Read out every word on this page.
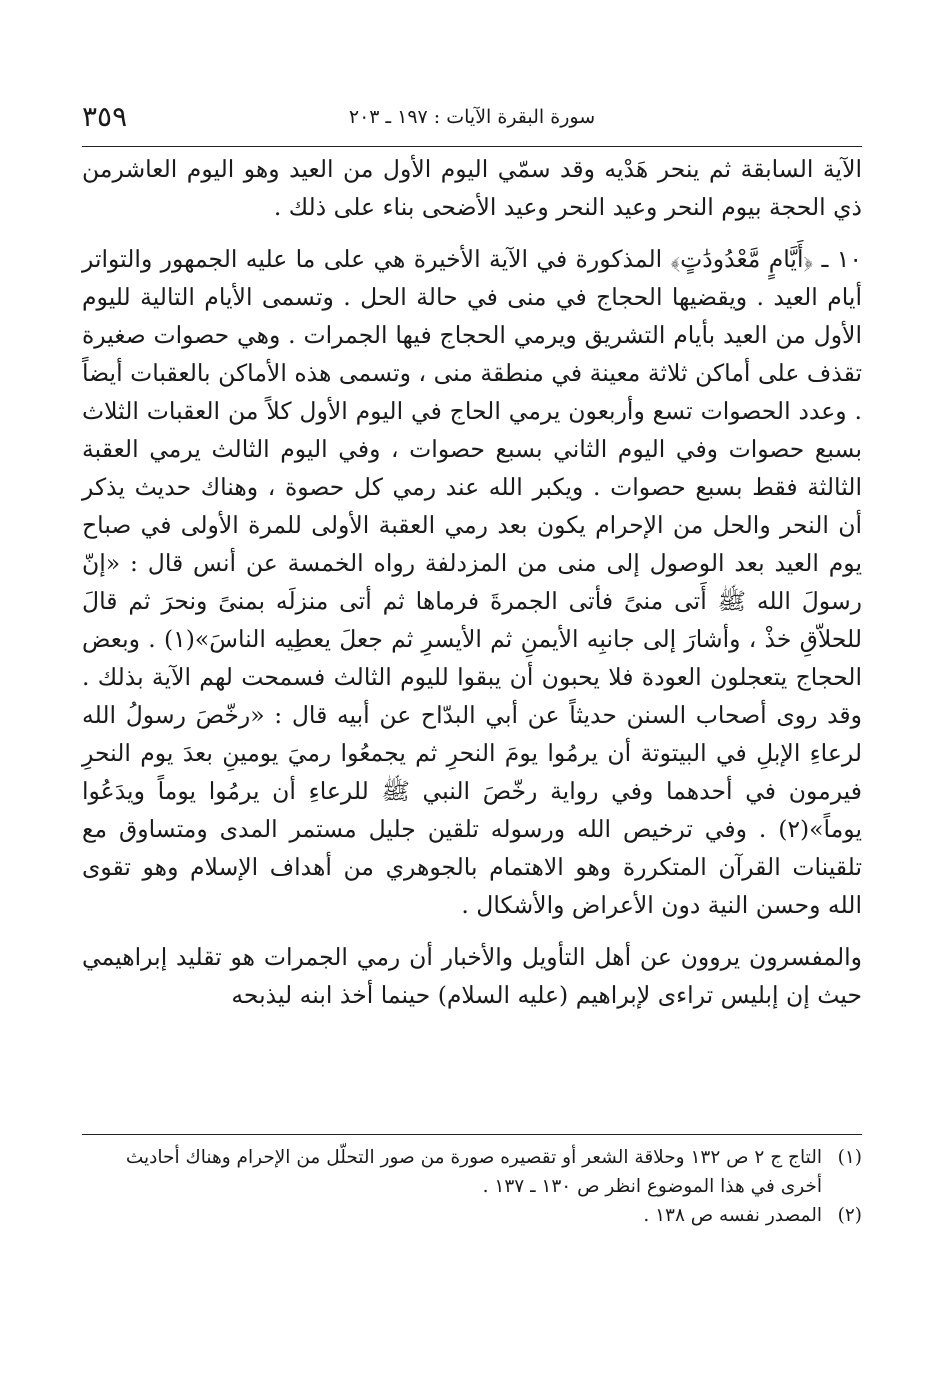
سورة البقرة الآيات : ١٩٧ ـ ٢٠٣
٣٥٩

الآية السابقة ثم ينحر هَدْيه وقد سمّي اليوم الأول من العيد وهو اليوم العاشرمن ذي الحجة بيوم النحر وعيد النحر وعيد الأضحى بناء على ذلك .

١٠ ـ ﴿أَيَّامٍ مَّعْدُودَٰتٍ﴾ المذكورة في الآية الأخيرة هي على ما عليه الجمهور والتواتر أيام العيد . ويقضيها الحجاج في منى في حالة الحل . وتسمى الأيام التالية لليوم الأول من العيد بأيام التشريق ويرمي الحجاج فيها الجمرات . وهي حصوات صغيرة تقذف على أماكن ثلاثة معينة في منطقة منى ، وتسمى هذه الأماكن بالعقبات أيضاً . وعدد الحصوات تسع وأربعون يرمي الحاج في اليوم الأول كلاً من العقبات الثلاث بسبع حصوات وفي اليوم الثاني بسبع حصوات ، وفي اليوم الثالث يرمي العقبة الثالثة فقط بسبع حصوات . ويكبر الله عند رمي كل حصوة ، وهناك حديث يذكر أن النحر والحل من الإحرام يكون بعد رمي العقبة الأولى للمرة الأولى في صباح يوم العيد بعد الوصول إلى منى من المزدلفة رواه الخمسة عن أنس قال : «إنّ رسولَ الله ﷺ أَتى منىً فأتى الجمرةَ فرماها ثم أتى منزلَه بمنىً ونحرَ ثم قالَ للحلاّقِ خذْ ، وأشارَ إلى جانبِه الأيمنِ ثم الأيسرِ ثم جعلَ يعطِيه الناسَ»(١) . وبعض الحجاج يتعجلون العودة فلا يحبون أن يبقوا لليوم الثالث فسمحت لهم الآية بذلك . وقد روى أصحاب السنن حديثاً عن أبي البدّاح عن أبيه قال : «رخّصَ رسولُ الله لرعاءِ الإبلِ في البيتوتة أن يرمُوا يومَ النحرِ ثم يجمعُوا رميَ يومينِ بعدَ يوم النحرِ فيرمون في أحدهما وفي رواية رخّصَ النبي ﷺ للرعاءِ أن يرمُوا يوماً ويدَعُوا يوماً»(٢) . وفي ترخيص الله ورسوله تلقين جليل مستمر المدى ومتساوق مع تلقينات القرآن المتكررة وهو الاهتمام بالجوهري من أهداف الإسلام وهو تقوى الله وحسن النية دون الأعراض والأشكال .

والمفسرون يروون عن أهل التأويل والأخبار أن رمي الجمرات هو تقليد إبراهيمي حيث إن إبليس تراءى لإبراهيم (عليه السلام) حينما أخذ ابنه ليذبحه

(١)
التاج ج ٢ ص ١٣٢ وحلاقة الشعر أو تقصيره صورة من صور التحلّل من الإحرام وهناك أحاديث أخرى في هذا الموضوع انظر ص ١٣٠ ـ ١٣٧ .
(٢)
المصدر نفسه ص ١٣٨ .
